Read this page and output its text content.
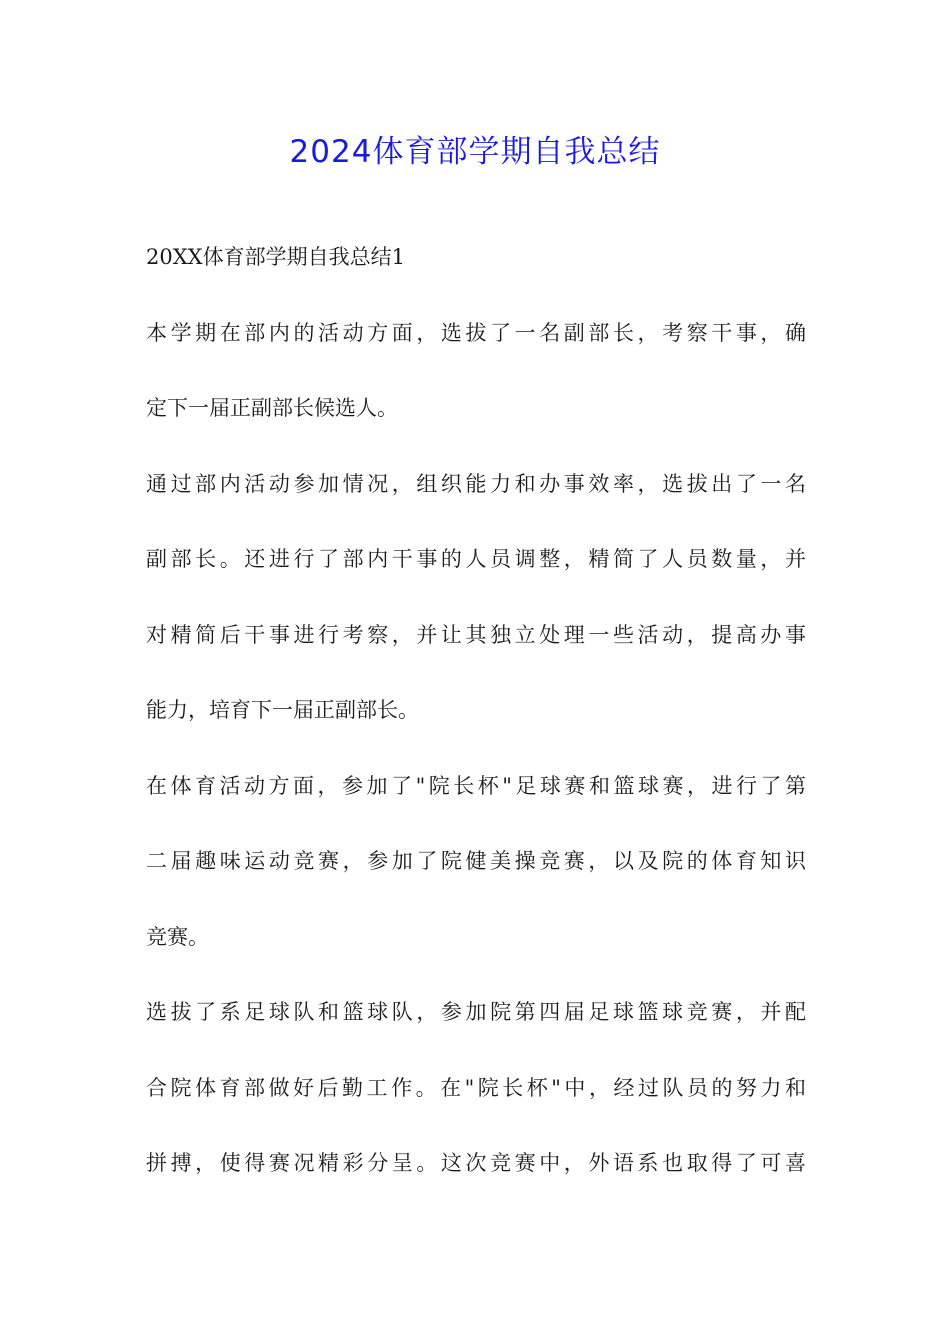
2024体育部学期自我总结
20XX体育部学期自我总结1
本学期在部内的活动方面，选拔了一名副部长，考察干事，确
定下一届正副部长候选人。
通过部内活动参加情况，组织能力和办事效率，选拔出了一名
副部长。还进行了部内干事的人员调整，精简了人员数量，并
对精简后干事进行考察，并让其独立处理一些活动，提高办事
能力，培育下一届正副部长。
在体育活动方面，参加了"院长杯"足球赛和篮球赛，进行了第
二届趣味运动竞赛，参加了院健美操竞赛，以及院的体育知识
竞赛。
选拔了系足球队和篮球队，参加院第四届足球篮球竞赛，并配
合院体育部做好后勤工作。在"院长杯"中，经过队员的努力和
拼搏，使得赛况精彩分呈。这次竞赛中，外语系也取得了可喜
